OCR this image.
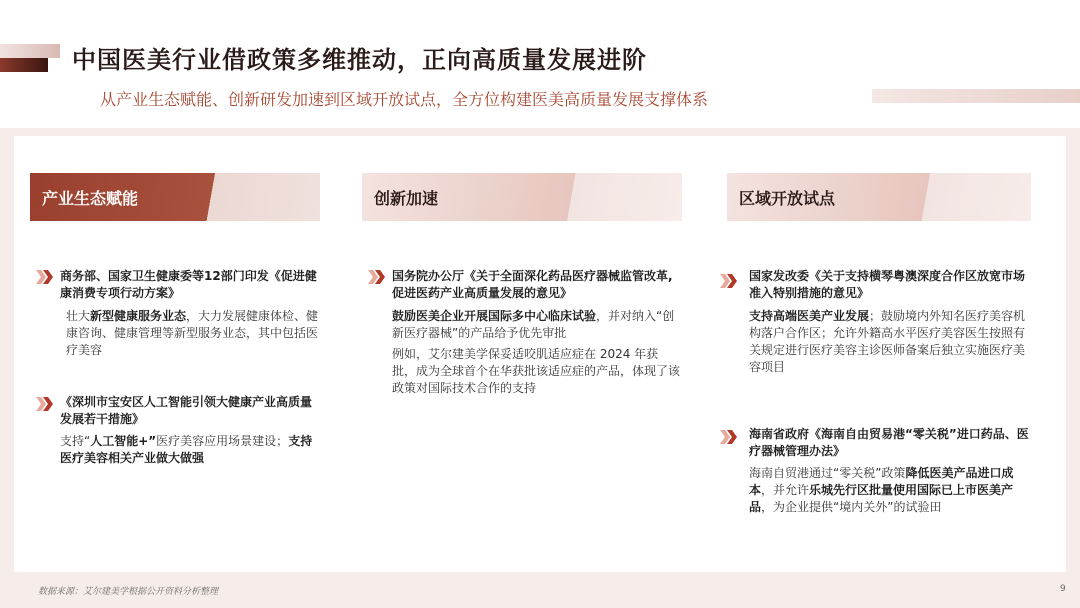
中国医美行业借政策多维推动，正向高质量发展进阶
从产业生态赋能、创新研发加速到区域开放试点，全方位构建医美高质量发展支撑体系
产业生态赋能	创新加速	区域开放试点
商务部、国家卫生健康委等12部门印发《促进健康消费专项行动方案》
壮大新型健康服务业态，大力发展健康体检、健康咨询、健康管理等新型服务业态，其中包括医疗美容
《深圳市宝安区人工智能引领大健康产业高质量发展若干措施》
支持“人工智能+”医疗美容应用场景建设；支持医疗美容相关产业做大做强
国务院办公厅《关于全面深化药品医疗器械监管改革,促进医药产业高质量发展的意见》
鼓励医美企业开展国际多中心临床试验，并对纳入“创新医疗器械”的产品给予优先审批
例如，艾尔建美学保妥适咬肌适应症在 2024 年获批，成为全球首个在华获批该适应症的产品，体现了该政策对国际技术合作的支持
国家发改委《关于支持横琴粤澳深度合作区放宽市场准入特别措施的意见》
支持高端医美产业发展；鼓励境内外知名医疗美容机构落户合作区；允许外籍高水平医疗美容医生按照有关规定进行医疗美容主诊医师备案后独立实施医疗美容项目
海南省政府《海南自由贸易港“零关税”进口药品、医疗器械管理办法》
海南自贸港通过“零关税”政策降低医美产品进口成本，并允许乐城先行区批量使用国际已上市医美产品，为企业提供“境内关外”的试验田
数据来源：艾尔建美学根据公开资料分析整理	9
